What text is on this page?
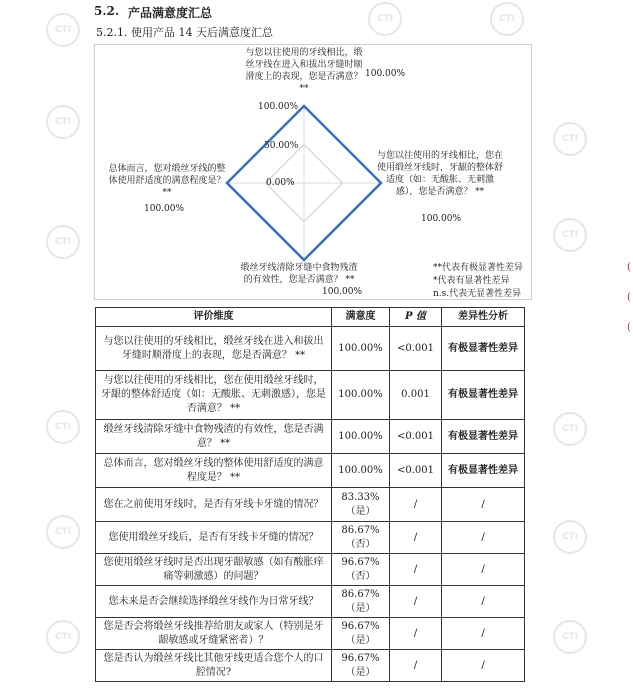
CTI
CTI	CTI
CTI
CTI
CTI
CTI
CTI	CTI
CTI	CTI
CTI	CTI
5.2. 产品满意度汇总
5.2.1. 使用产品 14 天后满意度汇总
与您以往使用的牙线相比，缎丝牙线在进入和拔出牙缝时顺滑度上的表现，您是否满意？ **
100.00%
与您以往使用的牙线相比，您在使用缎丝牙线时，牙龈的整体舒适度（如：无酸胀、无刺激感），您是否满意？ **
100.00%
缎丝牙线清除牙缝中食物残渣的有效性，您是否满意？ **
100.00%
总体而言，您对缎丝牙线的整体使用舒适度的满意程度是？ **
100.00%
100.00%
50.00%
0.00%
**代表有极显著性差异
*代表有显著性差异
n.s.代表无显著性差异
评价维度	满意度	P 值	差异性分析
与您以往使用的牙线相比，缎丝牙线在进入和拔出牙缝时顺滑度上的表现，您是否满意？ **	100.00%	<0.001	有极显著性差异
与您以往使用的牙线相比，您在使用缎丝牙线时，牙龈的整体舒适度（如：无酸胀、无刺激感），您是否满意？ **	100.00%	0.001	有极显著性差异
缎丝牙线清除牙缝中食物残渣的有效性，您是否满意？ **	100.00%	<0.001	有极显著性差异
总体而言，您对缎丝牙线的整体使用舒适度的满意程度是？ **	100.00%	<0.001	有极显著性差异
您在之前使用牙线时，是否有牙线卡牙缝的情况？	83.33%（是）	/	/
您使用缎丝牙线后，是否有牙线卡牙缝的情况？	86.67%（否）	/	/
您使用缎丝牙线时是否出现牙龈敏感（如有酸胀痒痛等刺激感）的问题？	96.67%（否）	/	/
您未来是否会继续选择缎丝牙线作为日常牙线？	86.67%（是）	/	/
您是否会将缎丝牙线推荐给朋友或家人（特别是牙龈敏感或牙缝紧密者）？	96.67%（是）	/	/
您是否认为缎丝牙线比其他牙线更适合您个人的口腔情况?	96.67%（是）	/	/
(
(
(
